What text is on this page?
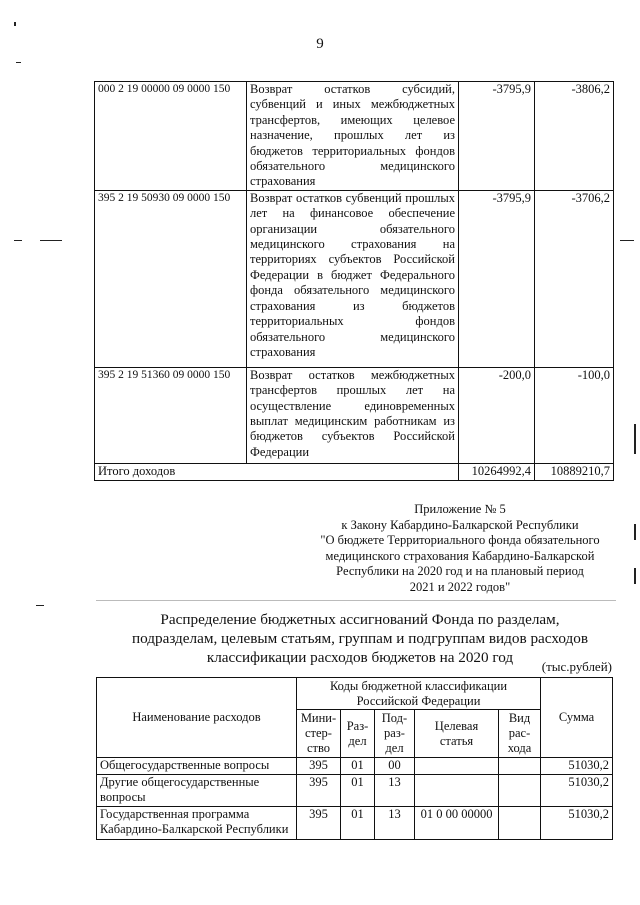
9
000 2 19 00000 09 0000 150	Возврат остатков субсидий, субвенций и иных межбюджетных трансфертов, имеющих целевое назначение, прошлых лет из бюджетов территориальных фондов обязательного медицинского страхования	-3795,9	-3806,2
395 2 19 50930 09 0000 150	Возврат остатков субвенций прошлых лет на финансовое обеспечение организации обязательного медицинского страхования на территориях субъектов Российской Федерации в бюджет Федерального фонда обязательного медицинского страхования из бюджетов территориальных фондов обязательного медицинского страхования	-3795,9	-3706,2
395 2 19 51360 09 0000 150	Возврат остатков межбюджетных трансфертов прошлых лет на осуществление единовременных выплат медицинским работникам из бюджетов субъектов Российской Федерации	-200,0	-100,0
Итого доходов		10264992,4	10889210,7
Приложение № 5
к Закону Кабардино-Балкарской Республики
"О бюджете Территориального фонда обязательного
медицинского страхования Кабардино-Балкарской
Республики на 2020 год и на плановый период
2021 и 2022 годов"
Распределение бюджетных ассигнований Фонда по разделам,
подразделам, целевым статьям, группам и подгруппам видов расходов
классификации расходов бюджетов на 2020 год
(тыс.рублей)
Наименование расходов	Коды бюджетной классификации Российской Федерации					Сумма
	Мини-стер-ство	Раз-дел	Под-раз-дел	Целевая статья	Вид рас-хода	
Общегосударственные вопросы	395	01	00			51030,2
Другие общегосударственные вопросы	395	01	13			51030,2
Государственная программа Кабардино-Балкарской Республики	395	01	13	01 0 00 00000		51030,2
